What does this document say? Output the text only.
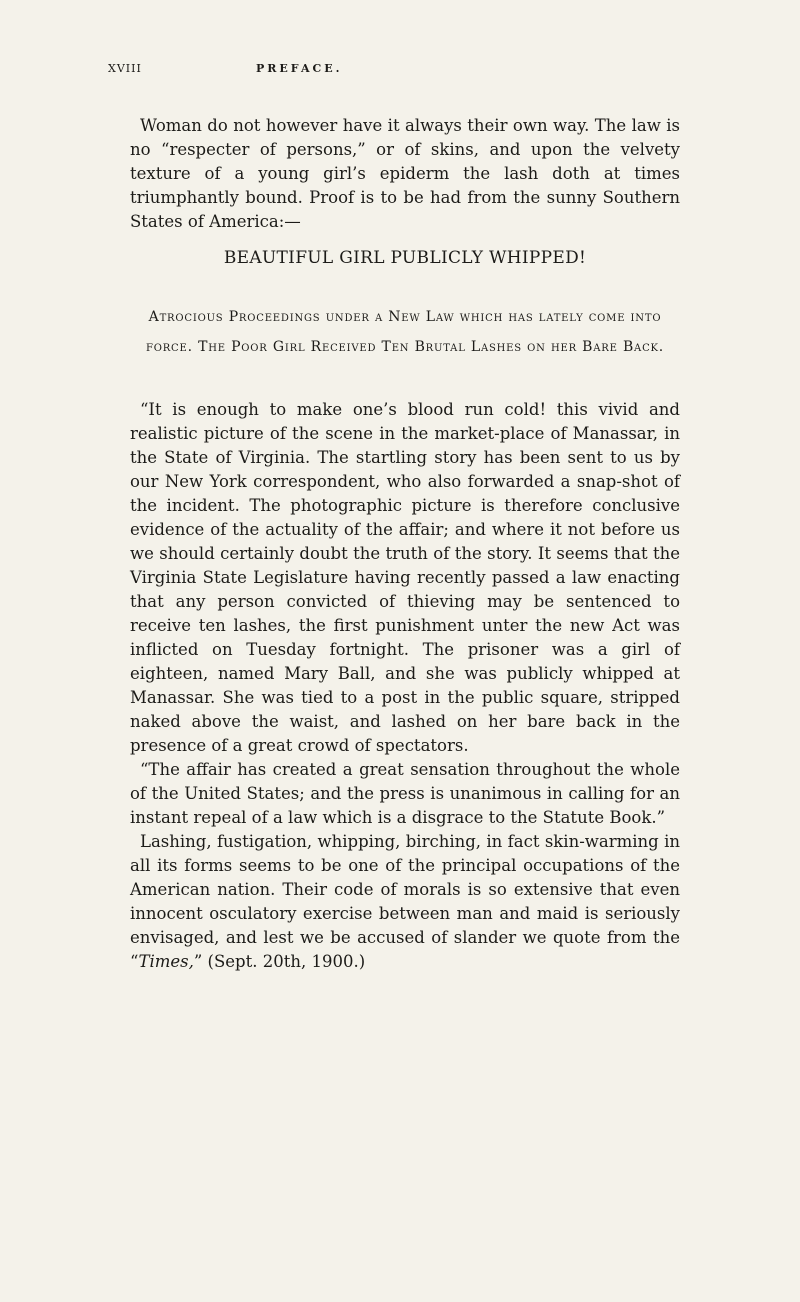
XVIII	PREFACE.

Woman do not however have it always their own way. The law is no “respecter of persons,” or of skins, and upon the velvety texture of a young girl’s epiderm the lash doth at times triumphantly bound. Proof is to be had from the sunny Southern States of America:—

BEAUTIFUL GIRL PUBLICLY WHIPPED!
Atrocious Proceedings under a New Law which has lately come into force. The Poor Girl Received Ten Brutal Lashes on her Bare Back.

“It is enough to make one’s blood run cold! this vivid and realistic picture of the scene in the market-place of Manassar, in the State of Virginia. The startling story has been sent to us by our New York correspondent, who also forwarded a snap-shot of the incident. The photographic picture is therefore conclusive evidence of the actuality of the affair; and where it not before us we should certainly doubt the truth of the story. It seems that the Virginia State Legislature having recently passed a law enacting that any person convicted of thieving may be sentenced to receive ten lashes, the first punishment unter the new Act was inflicted on Tuesday fortnight. The prisoner was a girl of eighteen, named Mary Ball, and she was publicly whipped at Manassar. She was tied to a post in the public square, stripped naked above the waist, and lashed on her bare back in the presence of a great crowd of spectators.

“The affair has created a great sensation throughout the whole of the United States; and the press is unanimous in calling for an instant repeal of a law which is a disgrace to the Statute Book.”

Lashing, fustigation, whipping, birching, in fact skin-warming in all its forms seems to be one of the principal occupations of the American nation. Their code of morals is so extensive that even innocent osculatory exercise between man and maid is seriously envisaged, and lest we be accused of slander we quote from the “Times,” (Sept. 20th, 1900.)
